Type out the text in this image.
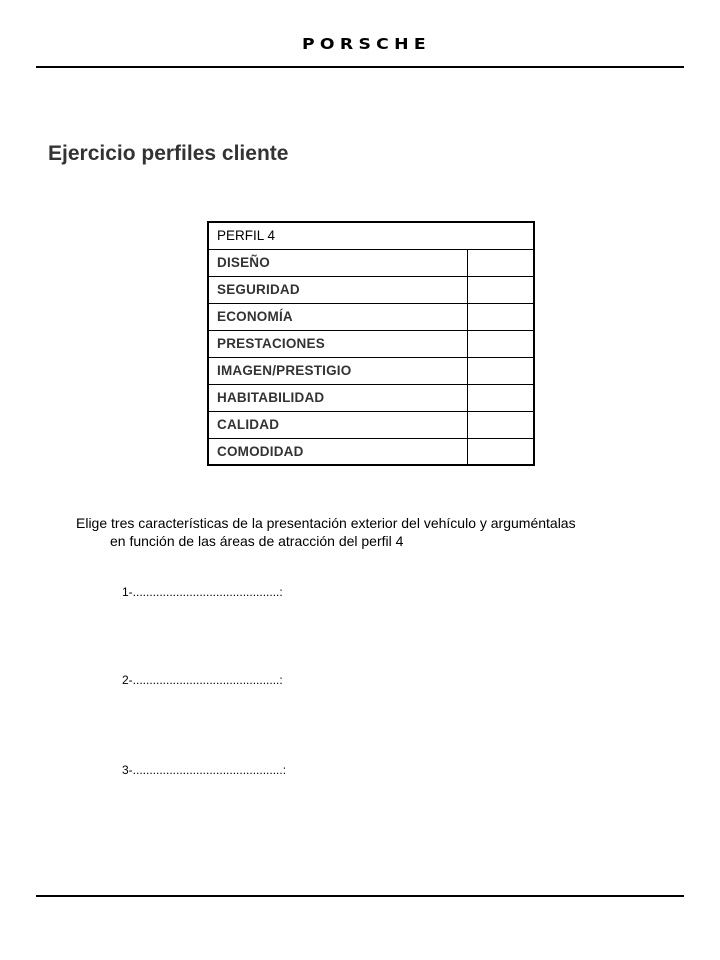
PORSCHE
Ejercicio perfiles cliente
PERFIL 4	
DISEÑO	
SEGURIDAD	
ECONOMÍA	
PRESTACIONES	
IMAGEN/PRESTIGIO	
HABITABILIDAD	
CALIDAD	
COMODIDAD	
Elige tres características de la presentación exterior del vehículo y arguméntalas
en función de las áreas de atracción del perfil 4
1-............................................:
2-............................................:
3-.............................................:
